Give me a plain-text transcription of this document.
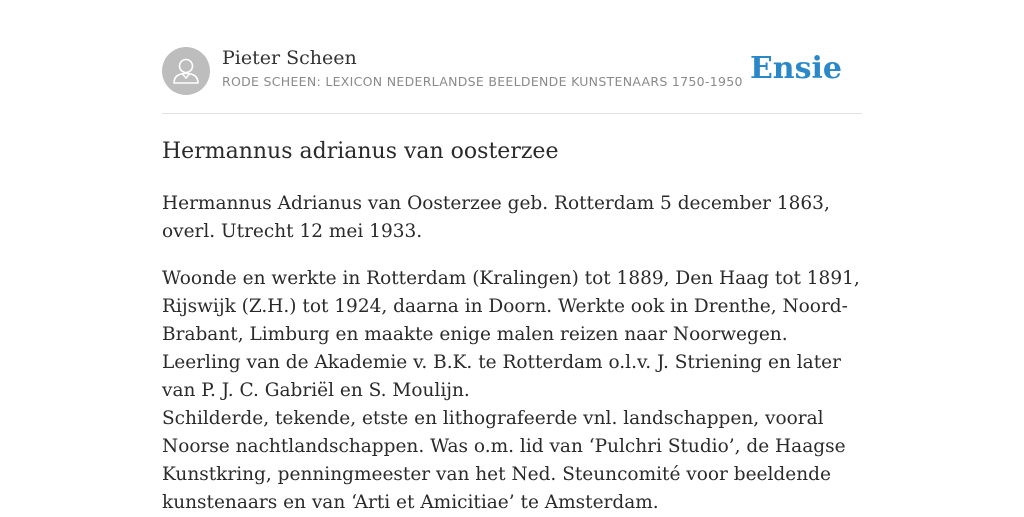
Pieter Scheen
RODE SCHEEN: LEXICON NEDERLANDSE BEELDENDE KUNSTENAARS 1750-1950 Ensie
Hermannus adrianus van oosterzee

Hermannus Adrianus van Oosterzee geb. Rotterdam 5 december 1863, overl. Utrecht 12 mei 1933.

Woonde en werkte in Rotterdam (Kralingen) tot 1889, Den Haag tot 1891, Rijswijk (Z.H.) tot 1924, daarna in Doorn. Werkte ook in Drenthe, Noord-Brabant, Limburg en maakte enige malen reizen naar Noorwegen. Leerling van de Akademie v. B.K. te Rotterdam o.l.v. J. Striening en later van P. J. C. Gabriël en S. Moulijn.

Schilderde, tekende, etste en lithografeerde vnl. landschappen, vooral Noorse nachtlandschappen. Was o.m. lid van ‘Pulchri Studio’, de Haagse Kunstkring, penningmeester van het Ned. Steuncomité voor beeldende kunstenaars en van ‘Arti et Amicitiae’ te Amsterdam.
